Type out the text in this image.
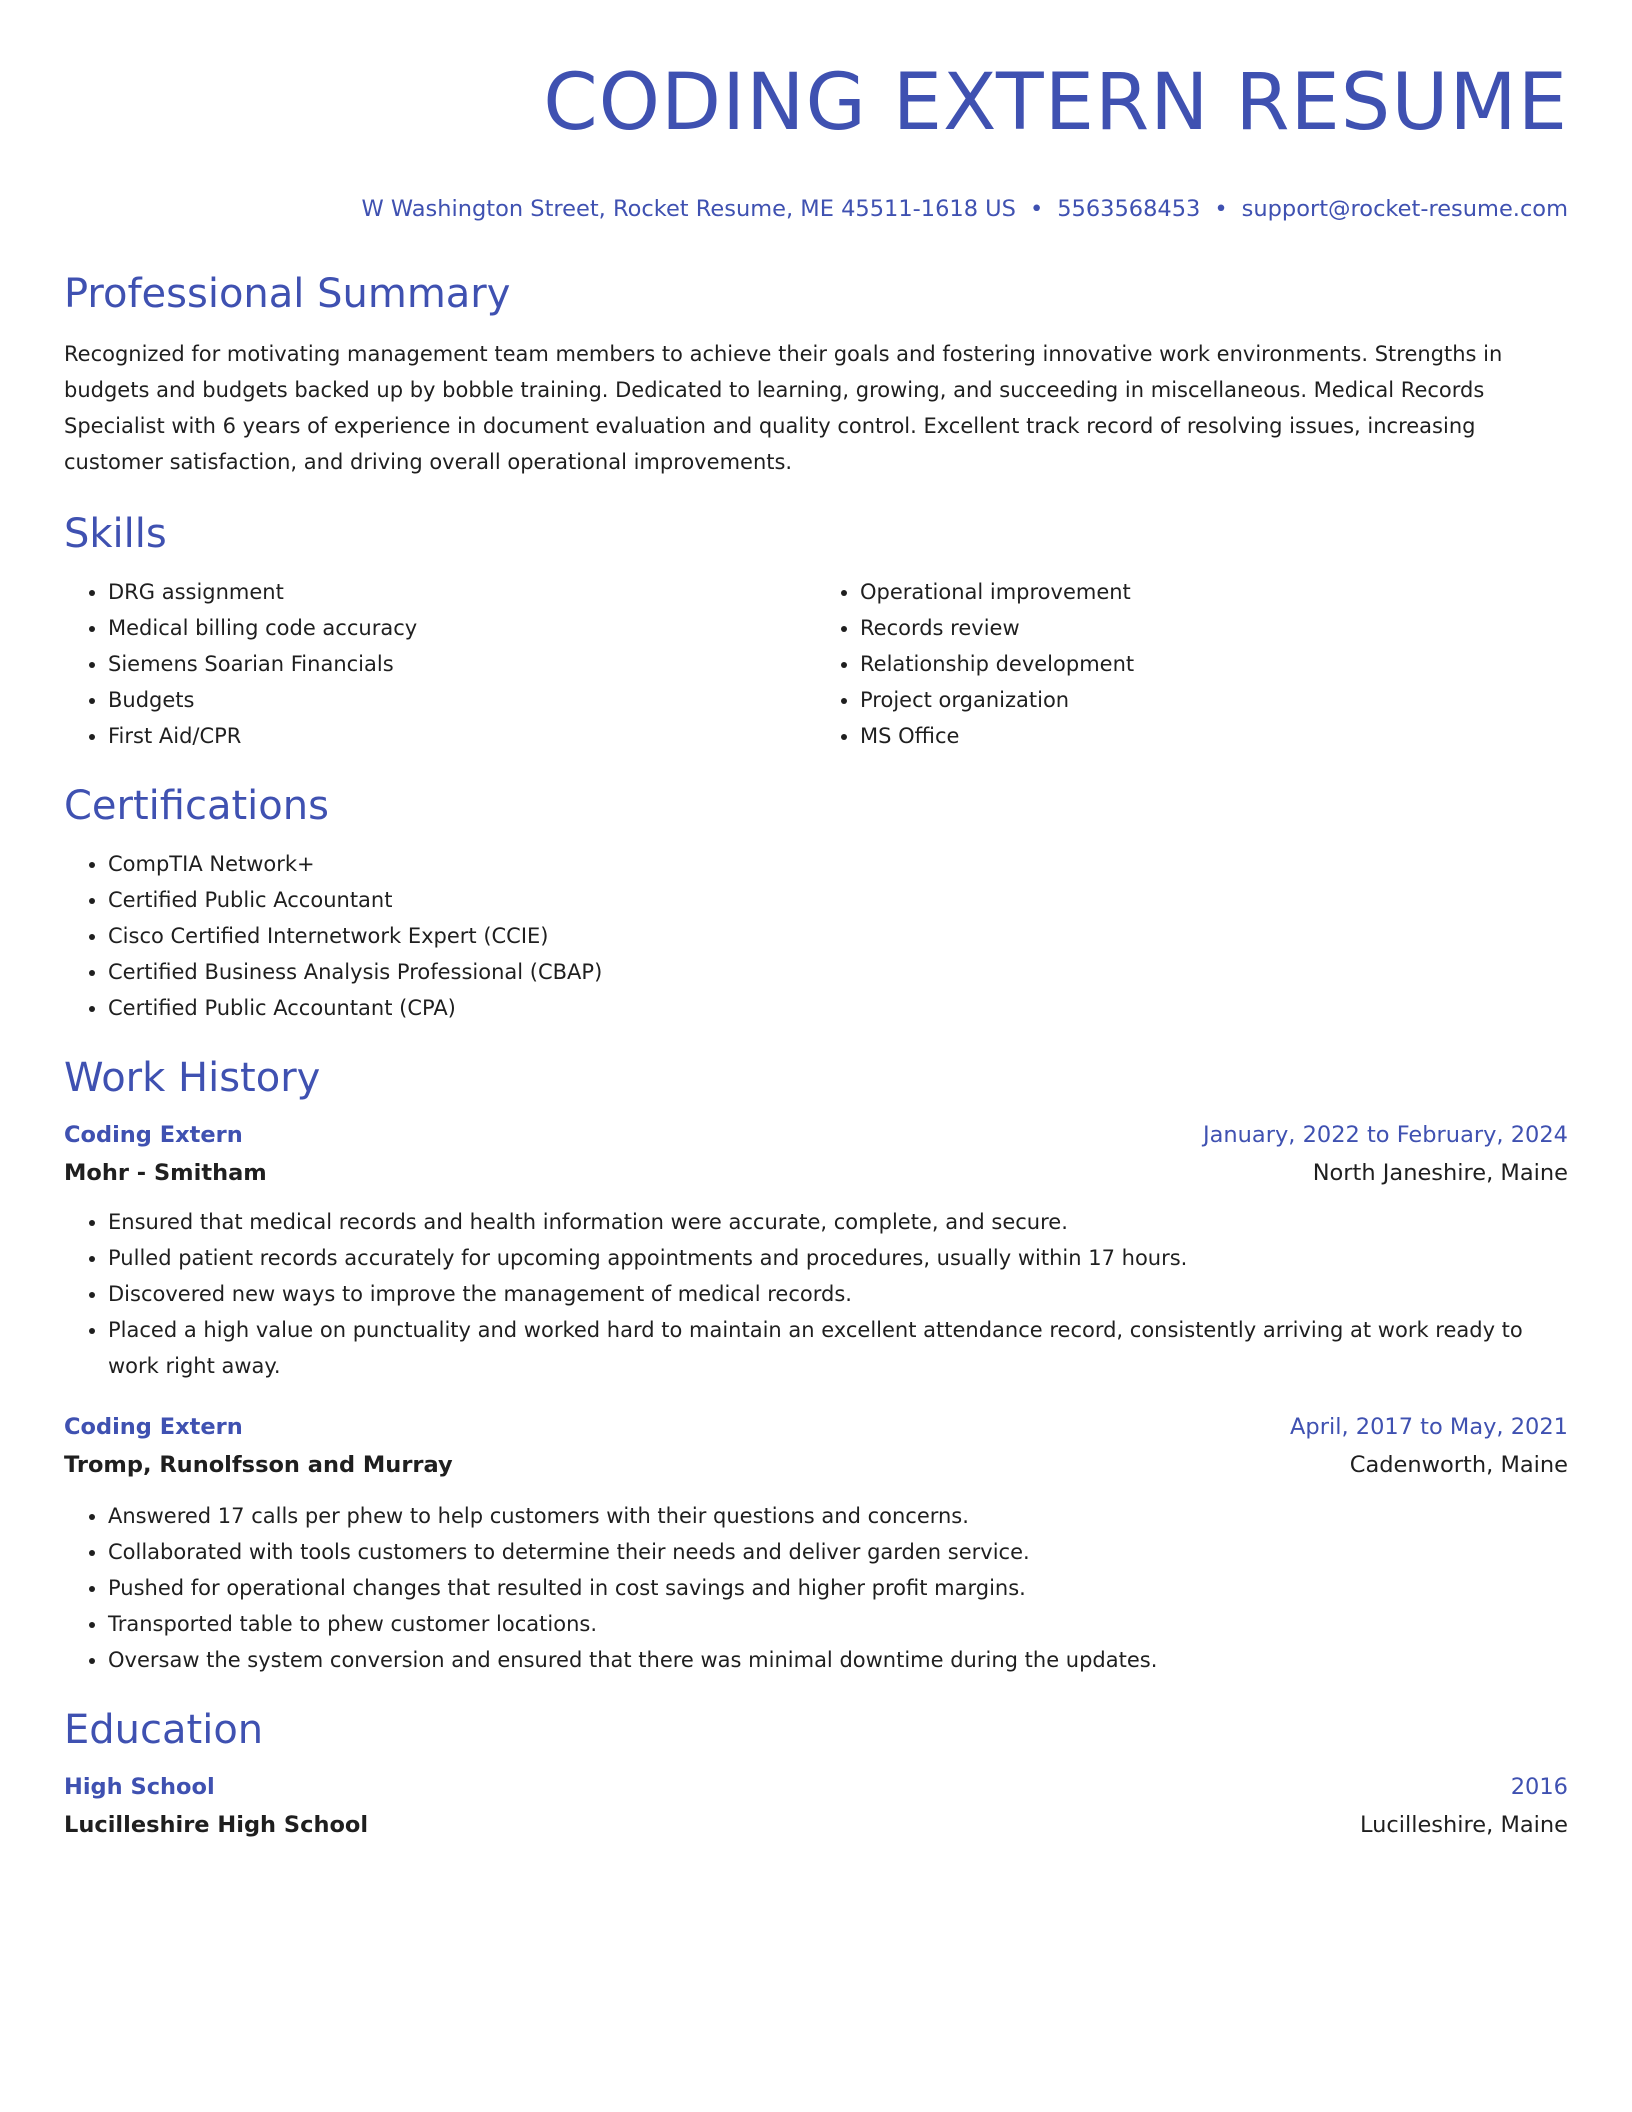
CODING EXTERN RESUME
W Washington Street, Rocket Resume, ME 45511-1618 US • 5563568453 • support@rocket-resume.com
Professional Summary

Recognized for motivating management team members to achieve their goals and fostering innovative work environments. Strengths in budgets and budgets backed up by bobble training. Dedicated to learning, growing, and succeeding in miscellaneous. Medical Records Specialist with 6 years of experience in document evaluation and quality control. Excellent track record of resolving issues, increasing customer satisfaction, and driving overall operational improvements.

Skills
• DRG assignment
• Medical billing code accuracy
• Siemens Soarian Financials
• Budgets
• First Aid/CPR
• Operational improvement
• Records review
• Relationship development
• Project organization
• MS Office
Certifications
• CompTIA Network+
• Certified Public Accountant
• Cisco Certified Internetwork Expert (CCIE)
• Certified Business Analysis Professional (CBAP)
• Certified Public Accountant (CPA)
Work History
Coding Extern	January, 2022 to February, 2024
Mohr - Smitham	North Janeshire, Maine
• Ensured that medical records and health information were accurate, complete, and secure.
• Pulled patient records accurately for upcoming appointments and procedures, usually within 17 hours.
• Discovered new ways to improve the management of medical records.
• Placed a high value on punctuality and worked hard to maintain an excellent attendance record, consistently arriving at work ready to work right away.
Coding Extern	April, 2017 to May, 2021
Tromp, Runolfsson and Murray	Cadenworth, Maine
• Answered 17 calls per phew to help customers with their questions and concerns.
• Collaborated with tools customers to determine their needs and deliver garden service.
• Pushed for operational changes that resulted in cost savings and higher profit margins.
• Transported table to phew customer locations.
• Oversaw the system conversion and ensured that there was minimal downtime during the updates.
Education
High School	2016
Lucilleshire High School	Lucilleshire, Maine
